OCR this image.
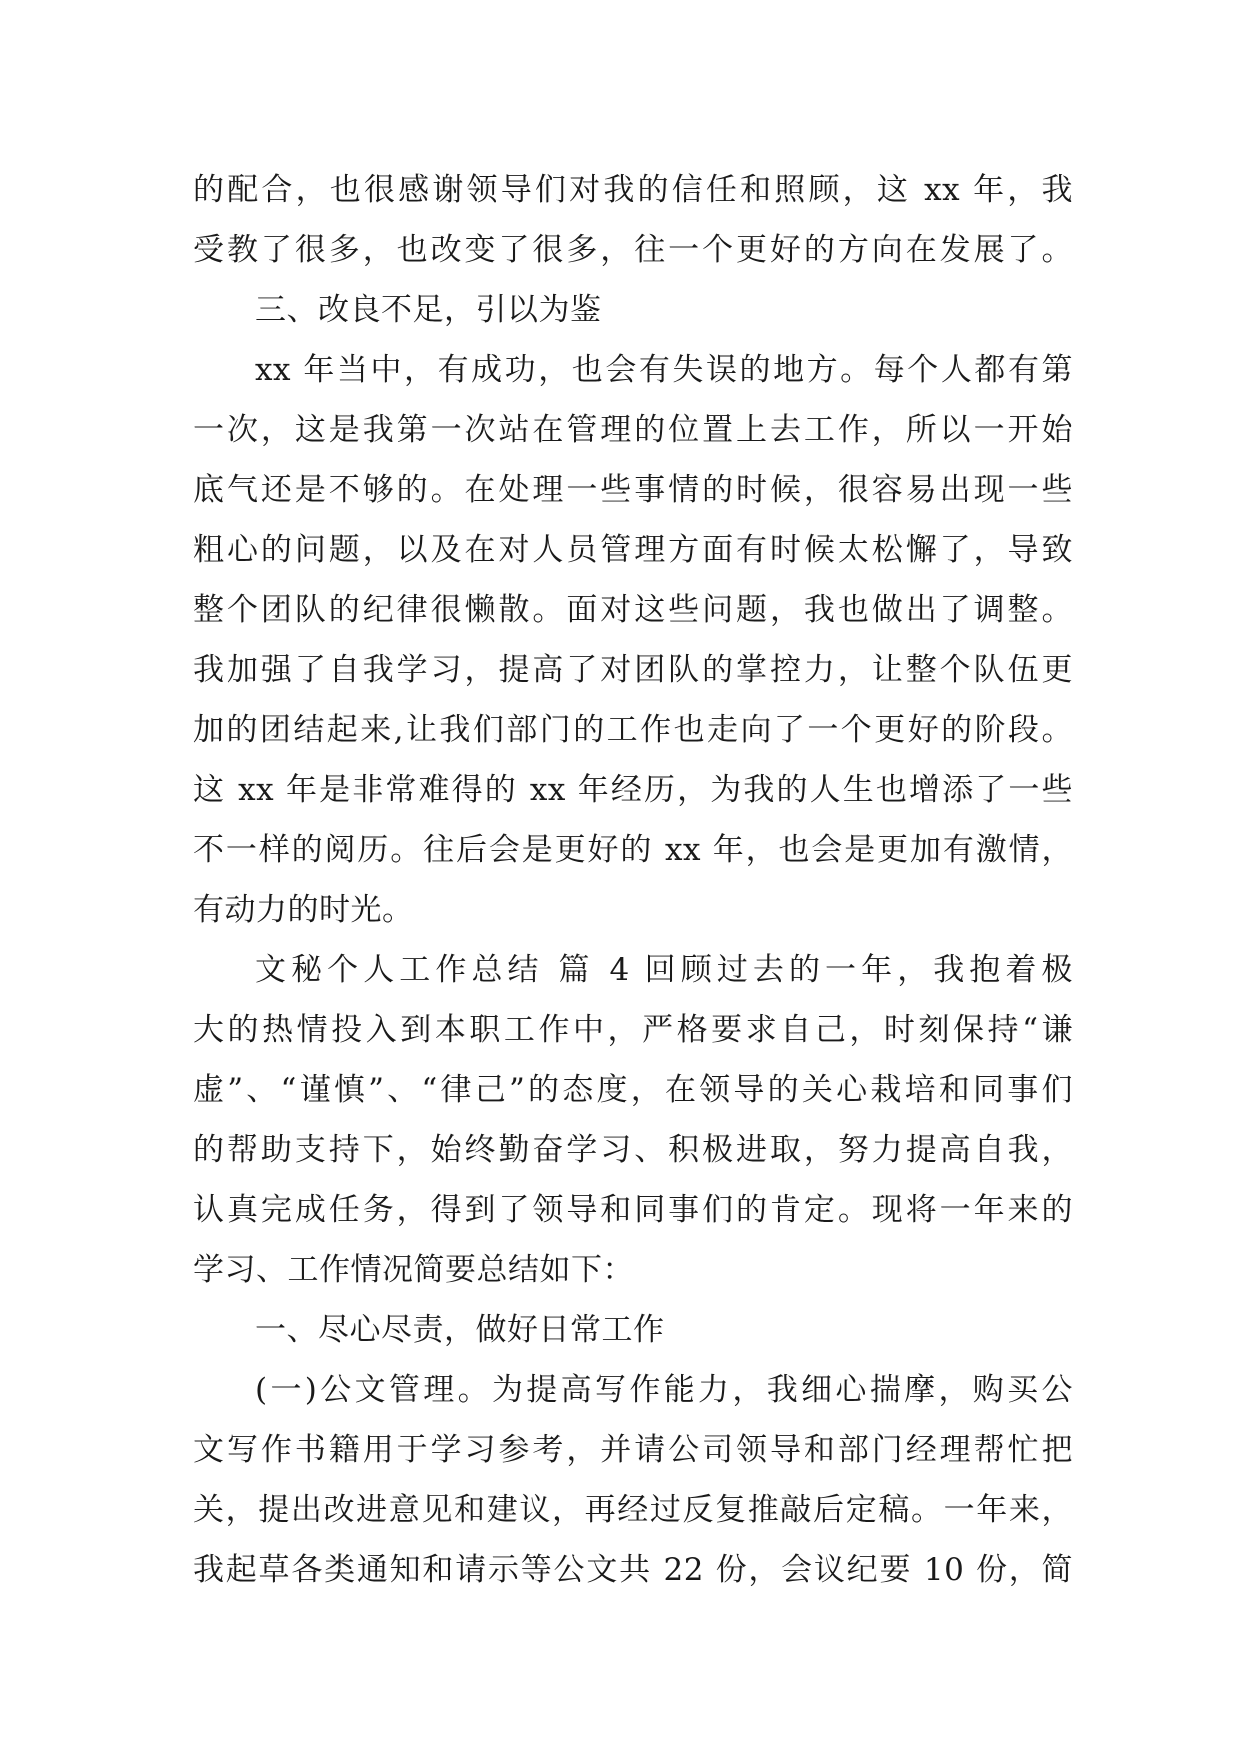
的配合，也很感谢领导们对我的信任和照顾，这 xx 年，我
受教了很多，也改变了很多，往一个更好的方向在发展了。
三、改良不足，引以为鉴
xx 年当中，有成功，也会有失误的地方。每个人都有第
一次，这是我第一次站在管理的位置上去工作，所以一开始
底气还是不够的。在处理一些事情的时候，很容易出现一些
粗心的问题，以及在对人员管理方面有时候太松懈了，导致
整个团队的纪律很懒散。面对这些问题，我也做出了调整。
我加强了自我学习，提高了对团队的掌控力，让整个队伍更
加的团结起来,让我们部门的工作也走向了一个更好的阶段。
这 xx 年是非常难得的 xx 年经历，为我的人生也增添了一些
不一样的阅历。往后会是更好的 xx 年，也会是更加有激情，
有动力的时光。
文秘个人工作总结 篇 4 回顾过去的一年，我抱着极
大的热情投入到本职工作中，严格要求自己，时刻保持“谦
虚”、“谨慎”、“律己”的态度，在领导的关心栽培和同事们
的帮助支持下，始终勤奋学习、积极进取，努力提高自我，
认真完成任务，得到了领导和同事们的肯定。现将一年来的
学习、工作情况简要总结如下：
一、尽心尽责，做好日常工作
(一)公文管理。为提高写作能力，我细心揣摩，购买公
文写作书籍用于学习参考，并请公司领导和部门经理帮忙把
关，提出改进意见和建议，再经过反复推敲后定稿。一年来，
我起草各类通知和请示等公文共 22 份，会议纪要 10 份，简
